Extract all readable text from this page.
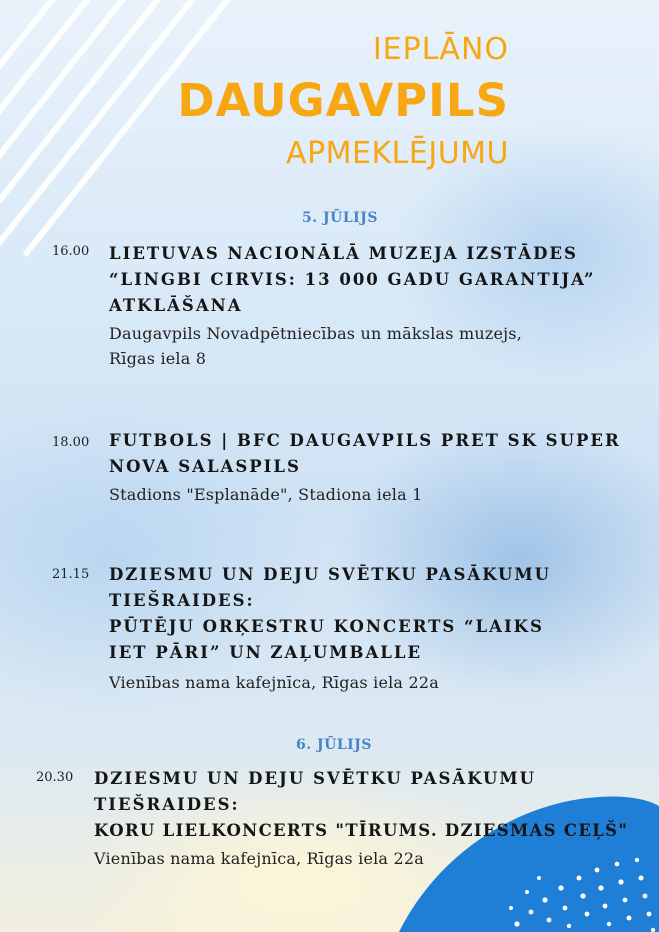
IEPLĀNO
DAUGAVPILS
APMEKLĒJUMU
5. JŪLIJS
16.00 LIETUVAS NACIONĀLĀ MUZEJA IZSTĀDES
“LINGBI CIRVIS: 13 000 GADU GARANTIJA”
ATKLĀŠANA
Daugavpils Novadpētniecības un mākslas muzejs,
Rīgas iela 8
18.00 FUTBOLS | BFC DAUGAVPILS PRET SK SUPER
NOVA SALASPILS
Stadions "Esplanāde", Stadiona iela 1
21.15 DZIESMU UN DEJU SVĒTKU PASĀKUMU
TIEŠRAIDES:
PŪTĒJU ORĶESTRU KONCERTS “LAIKS
IET PĀRI” UN ZAĻUMBALLE
Vienības nama kafejnīca, Rīgas iela 22a
6. JŪLIJS
20.30 DZIESMU UN DEJU SVĒTKU PASĀKUMU
TIEŠRAIDES:
KORU LIELKONCERTS "TĪRUMS. DZIESMAS CEĻŠ"
Vienības nama kafejnīca, Rīgas iela 22a
